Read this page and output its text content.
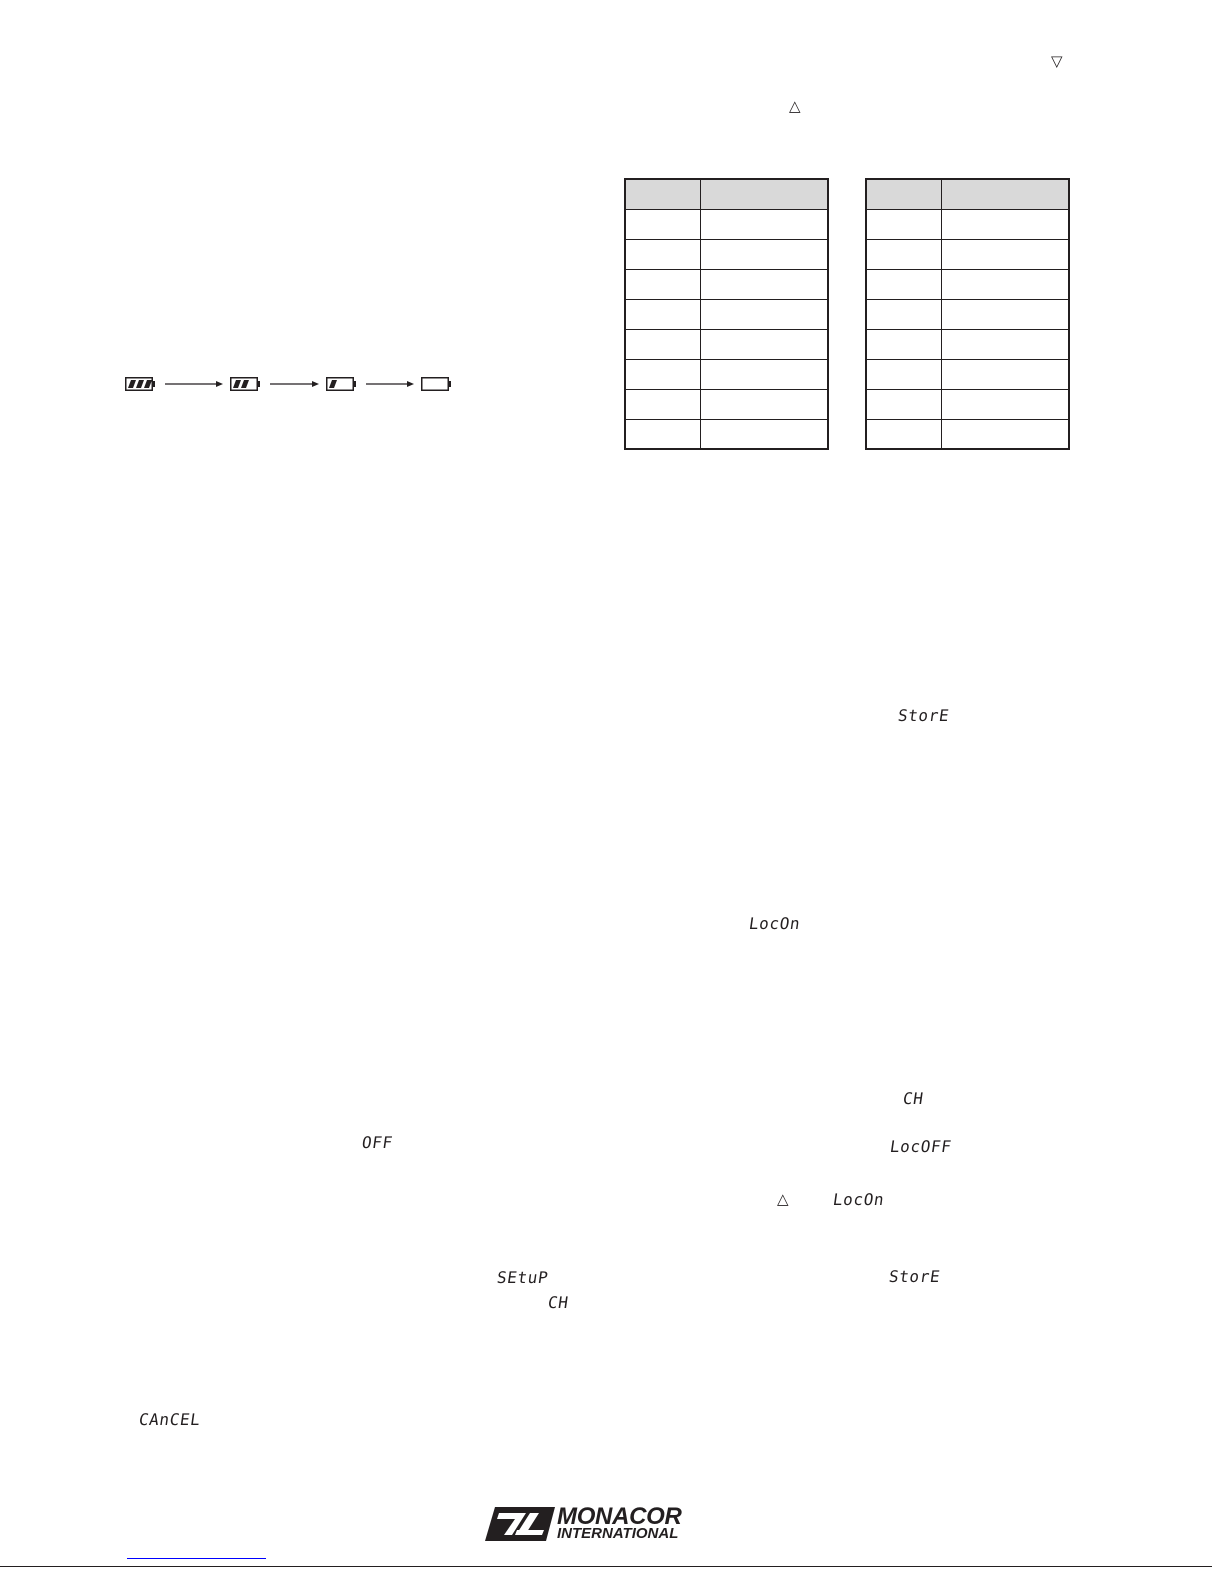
▽
△

StorE
LocOn
CH
OFF	LocOFF
△	LocOn
SEtuP	StorE
CH
CAnCEL
MONACOR
INTERNATIONAL
